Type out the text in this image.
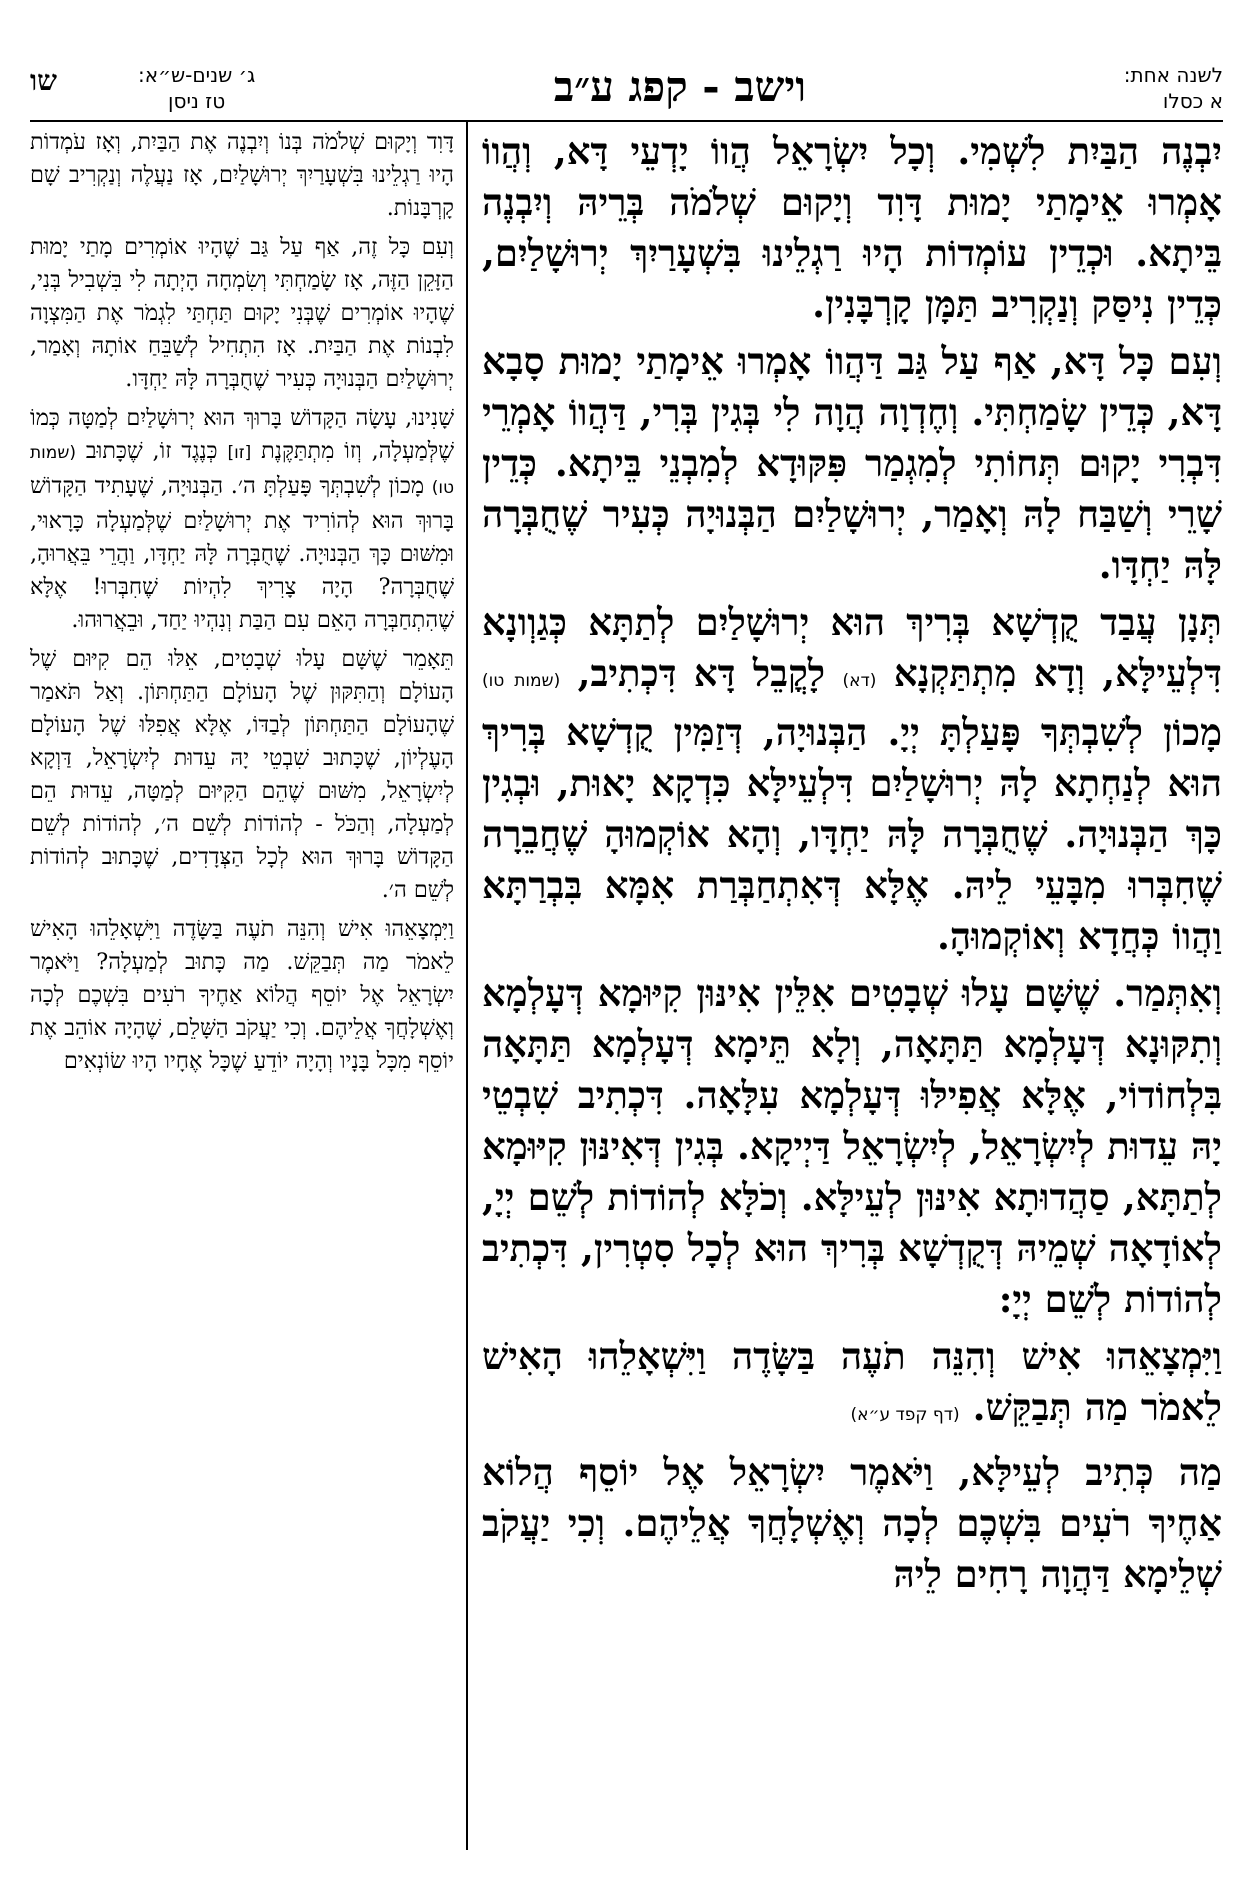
שו	ג׳ שנים-ש״א:
טז ניסן	וישב - קפג ע״ב	לשנה אחת:
א כסלו

יִבְנֶה הַבַּיִת לִשְׁמִי. וְכָל יִשְׂרָאֵל הֲווֹ יָדְעֵי דָּא, וְהֲווֹ אָמְרוּ אֵימָתַי יָמוּת דָּוִד וְיָקוּם שְׁלֹמֹה בְּרֵיהּ וְיִבְנֶה בֵּיתָא. וּכְדֵין עוֹמְדוֹת הָיוּ רַגְלֵינוּ בִּשְׁעָרַיִךְ יְרוּשָׁלַיִם, כְּדֵין נִיסַּק וְנַקְרִיב תַּמָּן קָרְבָּנִין.

וְעִם כָּל דָּא, אַף עַל גַּב דַּהֲווֹ אָמְרוּ אֵימָתַי יָמוּת סָבָא דָּא, כְּדֵין שָׂמַחְתִּי. וְחֶדְוָה הֲוָה לִי בְּגִין בְּרִי, דַּהֲווֹ אָמְרֵי דִּבְרִי יָקוּם תְּחוֹתִי לְמִגְמַר פִּקּוּדָא לְמִבְנֵי בֵּיתָא. כְּדֵין שָׁרֵי וְשַׁבַּח לָהּ וְאָמַר, יְרוּשָׁלַיִם הַבְּנוּיָה כְּעִיר שֶׁחֻבְּרָה לָּהּ יַחְדָּו.

תְּנָן עֲבַד קֻדְשָׁא בְּרִיךְ הוּא יְרוּשָׁלַיִם לְתַתָּא כְּגַוְונָא דִּלְעֵילָּא, וְדָא מִתְתַּקְנָא (דא) לָקֳבֵל דָּא דִּכְתִיב, (שמות טו) מָכוֹן לְשִׁבְתְּךָ פָּעַלְתָּ יְיָ. הַבְּנוּיָה, דְּזַמִּין קֻדְשָׁא בְּרִיךְ הוּא לְנַחְתָא לָהּ יְרוּשָׁלַיִם דִּלְעֵילָּא כִּדְקָא יָאוּת, וּבְגִין כָּךְ הַבְּנוּיָה. שֶׁחֻבְּרָה לָּהּ יַחְדָּו, וְהָא אוֹקְמוּהָ שֶׁחֲבֵרָה שֶׁחִבְּרוּ מִבָּעֵי לֵיהּ. אֶלָּא דְּאִתְחַבְּרַת אִמָּא בִּבְרַתָּא וַהֲווֹ כְּחֲדָא וְאוֹקְמוּהָ.

וְאִתְּמַר. שֶׁשָּׁם עָלוּ שְׁבָטִים אִלֵּין אִינּוּן קִיּוּמָא דְּעָלְמָא וְתִקּוּנָא דְּעָלְמָא תַּתָּאָה, וְלָא תֵּימָא דְּעָלְמָא תַּתָּאָה בִּלְחוֹדוֹי, אֶלָּא אֲפִילּוּ דְּעָלְמָא עִלָּאָה. דִּכְתִיב שִׁבְטֵי יָהּ עֵדוּת לְיִשְׂרָאֵל, לְיִשְׂרָאֵל דַּיְיקָא. בְּגִין דְּאִינּוּן קִיּוּמָא לְתַתָּא, סַהֲדוּתָא אִינּוּן לְעֵילָּא. וְכֹלָּא לְהוֹדוֹת לְשֵׁם יְיָ, לְאוֹדָאָה שְׁמֵיהּ דְּקֻדְשָׁא בְּרִיךְ הוּא לְכָל סִטְרִין, דִּכְתִיב לְהוֹדוֹת לְשֵׁם יְיָ:

וַיִּמְצָאֵהוּ אִישׁ וְהִנֵּה תֹעֶה בַּשָּׂדֶה וַיִּשְׁאָלֵהוּ הָאִישׁ לֵאמֹר מַה תְּבַקֵּשׁ. (דף קפד ע״א)

מַה כְּתִיב לְעֵילָּא, וַיֹּאמֶר יִשְׂרָאֵל אֶל יוֹסֵף הֲלוֹא אַחֶיךָ רֹעִים בִּשְׁכֶם לְכָה וְאֶשְׁלָחֲךָ אֲלֵיהֶם. וְכִי יַעֲקֹב שְׁלֵימָא דַּהֲוָה רָחִים לֵיהּ

דָּוִד וְיָקוּם שְׁלֹמֹה בְּנוֹ וְיִבְנֶה אֶת הַבַּיִת, וְאָז עֹמְדוֹת הָיוּ רַגְלֵינוּ בִּשְׁעָרַיִךְ יְרוּשָׁלַיִם, אָז נַעֲלֶה וְנַקְרִיב שָׁם קָרְבָּנוֹת.

וְעִם כָּל זֶה, אַף עַל גַּב שֶׁהָיוּ אוֹמְרִים מָתַי יָמוּת הַזָּקֵן הַזֶּה, אָז שָׂמַחְתִּי וְשִׂמְחָה הָיְתָה לִי בִּשְׁבִיל בְּנִי, שֶׁהָיוּ אוֹמְרִים שֶׁבְּנִי יָקוּם תַּחְתַּי לִגְמֹר אֶת הַמִּצְוָה לִבְנוֹת אֶת הַבַּיִת. אָז הִתְחִיל לְשַׁבֵּחַ אוֹתָהּ וְאָמַר, יְרוּשָׁלַיִם הַבְּנוּיָה כְּעִיר שֶׁחֻבְּרָה לָּהּ יַחְדָּו.

שָׁנִינוּ, עָשָׂה הַקָּדוֹשׁ בָּרוּךְ הוּא יְרוּשָׁלַיִם לְמַטָּה כְּמוֹ שֶׁלְּמַעְלָה, וְזוֹ מִתְתַּקֶּנֶת [זו] כְּנֶגֶד זוֹ, שֶׁכָּתוּב (שמות טו) מָכוֹן לְשִׁבְתְּךָ פָּעַלְתָּ ה׳. הַבְּנוּיָה, שֶׁעָתִיד הַקָּדוֹשׁ בָּרוּךְ הוּא לְהוֹרִיד אֶת יְרוּשָׁלַיִם שֶׁלְּמַעְלָה כָּרָאוּי, וּמִשּׁוּם כָּךְ הַבְּנוּיָה. שֶׁחֻבְּרָה לָּהּ יַחְדָּו, וַהֲרֵי בֵּאֲרוּהָ, שֶׁחֻבְּרָה? הָיָה צָרִיךְ לִהְיוֹת שֶׁחִבְּרוּ! אֶלָּא שֶׁהִתְחַבְּרָה הָאֵם עִם הַבַּת וְנִהְיוּ יַחַד, וּבֵאֲרוּהוּ.

תֵּאָמֵר שֶׁשָּׁם עָלוּ שְׁבָטִים, אֵלּוּ הֵם קִיּוּם שֶׁל הָעוֹלָם וְהַתִּקּוּן שֶׁל הָעוֹלָם הַתַּחְתּוֹן. וְאַל תֹּאמַר שֶׁהָעוֹלָם הַתַּחְתּוֹן לְבַדּוֹ, אֶלָּא אֲפִלּוּ שֶׁל הָעוֹלָם הָעֶלְיוֹן, שֶׁכָּתוּב שִׁבְטֵי יָהּ עֵדוּת לְיִשְׂרָאֵל, דַּוְקָא לְיִשְׂרָאֵל, מִשּׁוּם שֶׁהֵם הַקִּיּוּם לְמַטָּה, עֵדוּת הֵם לְמַעְלָה, וְהַכֹּל - לְהוֹדוֹת לְשֵׁם ה׳, לְהוֹדוֹת לְשֵׁם הַקָּדוֹשׁ בָּרוּךְ הוּא לְכָל הַצְּדָדִים, שֶׁכָּתוּב לְהוֹדוֹת לְשֵׁם ה׳.

וַיִּמְצָאֵהוּ אִישׁ וְהִנֵּה תֹעֶה בַּשָּׂדֶה וַיִּשְׁאָלֵהוּ הָאִישׁ לֵאמֹר מַה תְּבַקֵּשׁ. מַה כָּתוּב לְמַעְלָה? וַיֹּאמֶר יִשְׂרָאֵל אֶל יוֹסֵף הֲלוֹא אַחֶיךָ רֹעִים בִּשְׁכֶם לְכָה וְאֶשְׁלָחֲךָ אֲלֵיהֶם. וְכִי יַעֲקֹב הַשָּׁלֵם, שֶׁהָיָה אוֹהֵב אֶת יוֹסֵף מִכָּל בָּנָיו וְהָיָה יוֹדֵעַ שֶׁכָּל אֶחָיו הָיוּ שׂוֹנְאִים
